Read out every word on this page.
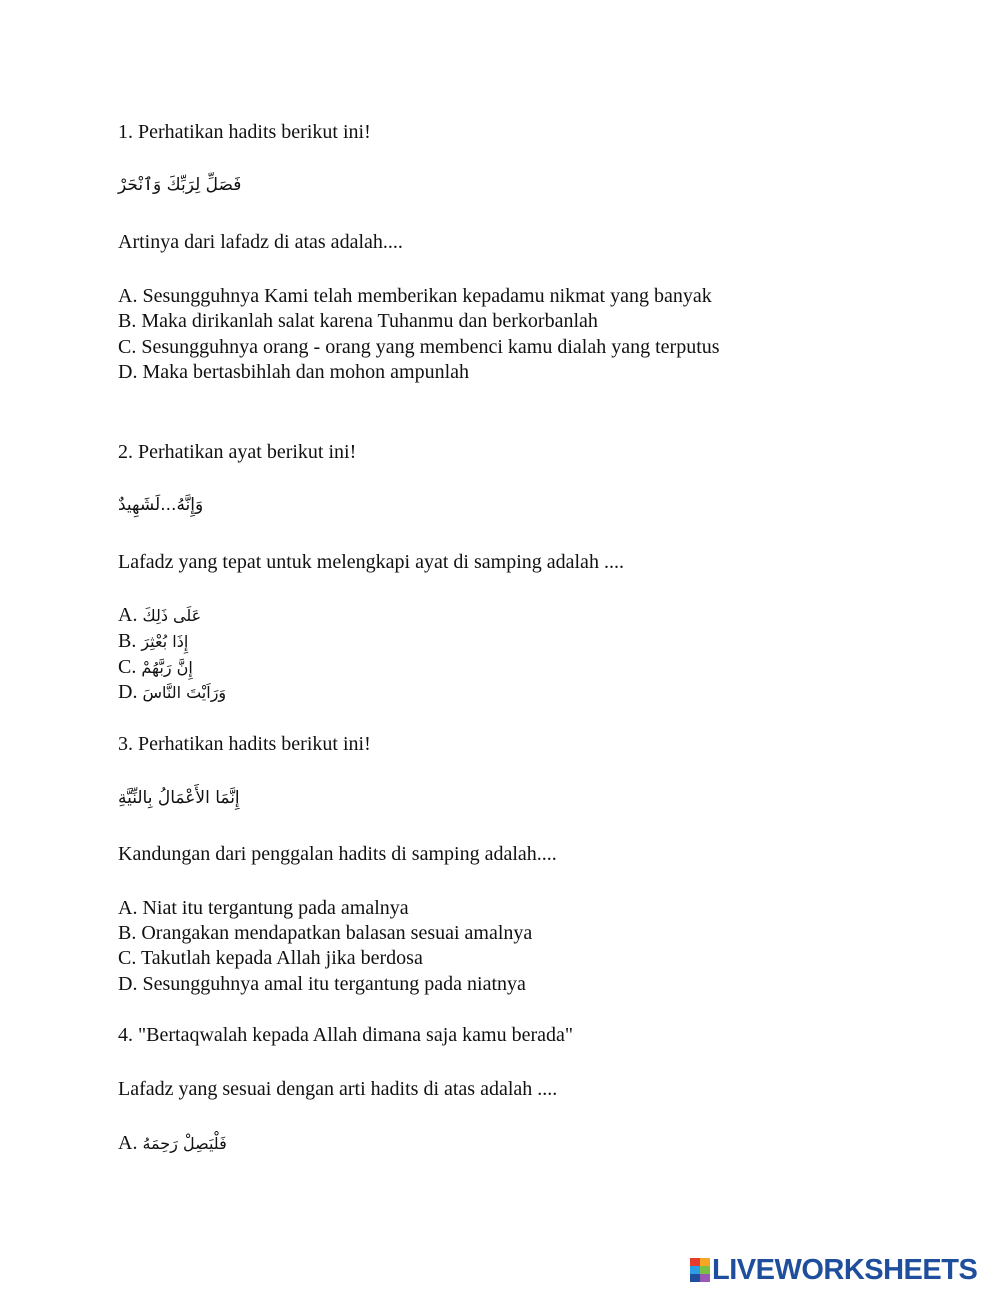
1. Perhatikan hadits berikut ini!
فَصَلِّ لِرَبِّكَ وَٱنْحَرْ
Artinya dari lafadz di atas adalah....
A. Sesungguhnya Kami telah memberikan kepadamu nikmat yang banyak
B. Maka dirikanlah salat karena Tuhanmu dan berkorbanlah
C. Sesungguhnya orang - orang yang membenci kamu dialah yang terputus
D. Maka bertasbihlah dan mohon ampunlah
2. Perhatikan ayat berikut ini!
وَإِنَّهُ...لَشَهِيدٌ
Lafadz yang tepat untuk melengkapi ayat di samping adalah ....
A. عَلَى ذَلِكَ
B. إِذَا بُعْثِرَ
C. إِنَّ رَبَّهُمْ
D. وَرَاَيْتَ النَّاسَ
3. Perhatikan hadits berikut ini!
إِنَّمَا الأَعْمَالُ بِالنِّيَّةِ
Kandungan dari penggalan hadits di samping adalah....
A. Niat itu tergantung pada amalnya
B. Orangakan mendapatkan balasan sesuai amalnya
C. Takutlah kepada Allah jika berdosa
D. Sesungguhnya amal itu tergantung pada niatnya
4. "Bertaqwalah kepada Allah dimana saja kamu berada"
Lafadz yang sesuai dengan arti hadits di atas adalah ....
A. فَلْيَصِلْ رَحِمَهُ
LIVEWORKSHEETS
